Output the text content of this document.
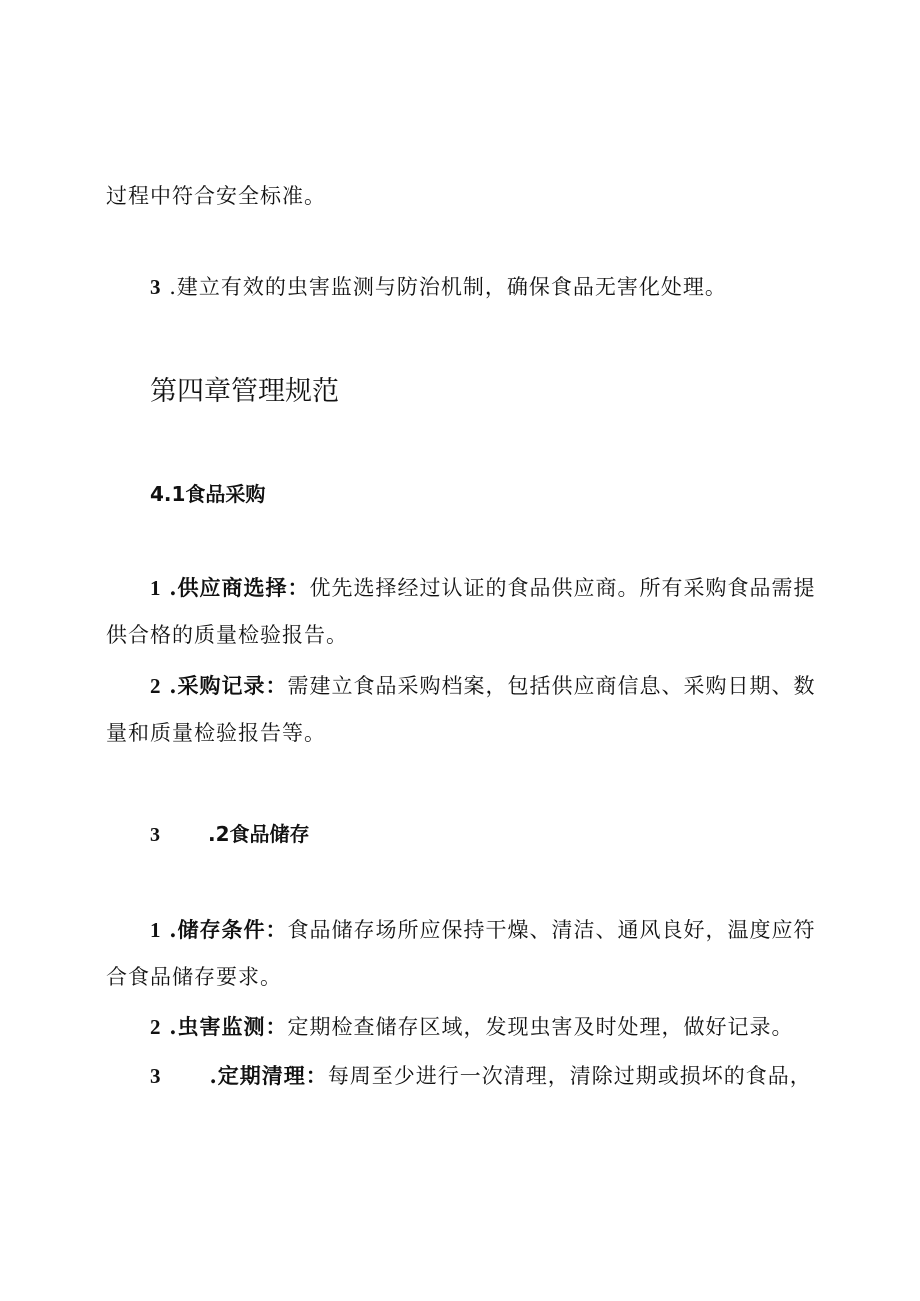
过程中符合安全标准。
3 .建立有效的虫害监测与防治机制，确保食品无害化处理。
第四章管理规范
4.1食品采购
1 .供应商选择：优先选择经过认证的食品供应商。所有采购食品需提
供合格的质量检验报告。
2 .采购记录：需建立食品采购档案，包括供应商信息、采购日期、数
量和质量检验报告等。
3 .2食品储存
1 .储存条件：食品储存场所应保持干燥、清洁、通风良好，温度应符
合食品储存要求。
2 .虫害监测：定期检查储存区域，发现虫害及时处理，做好记录。
3 .定期清理：每周至少进行一次清理，清除过期或损坏的食品，
